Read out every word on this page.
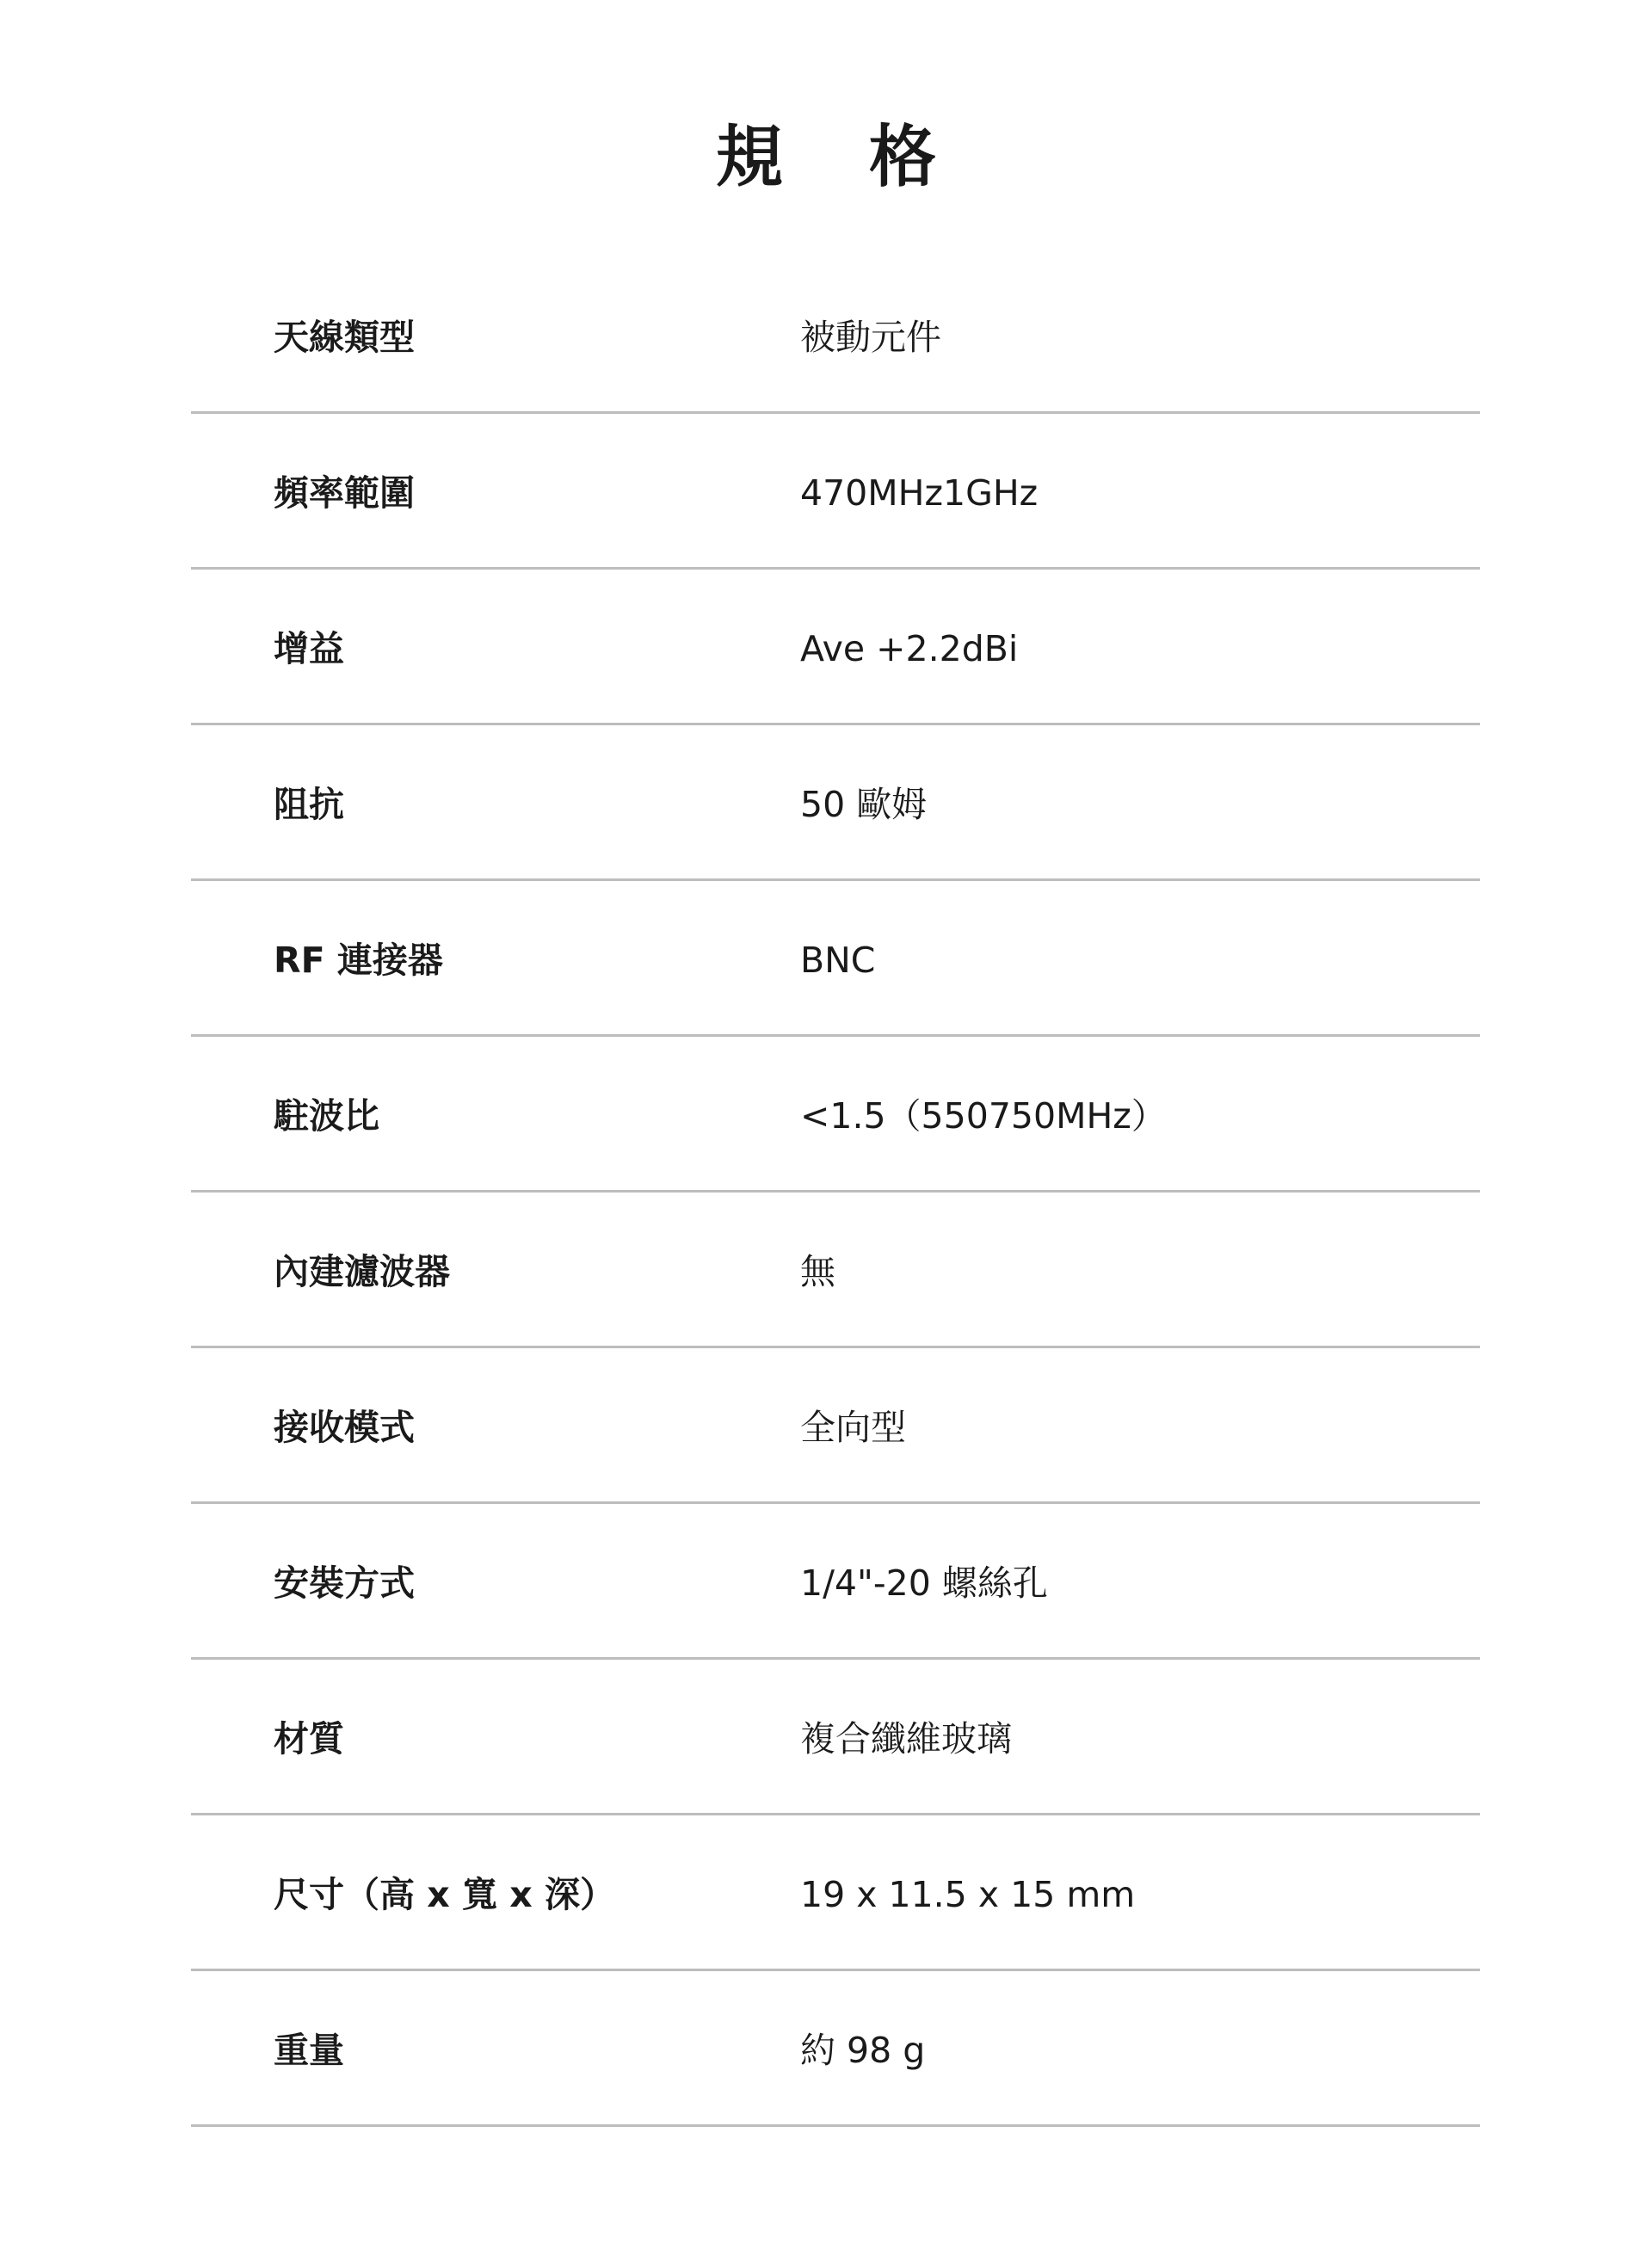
規格
天線類型	被動元件
頻率範圍	470MHz1GHz
增益	Ave +2.2dBi
阻抗	50 歐姆
RF 連接器	BNC
駐波比	<1.5（550750MHz）
內建濾波器	無
接收模式	全向型
安裝方式	1/4"-20 螺絲孔
材質	複合纖維玻璃
尺寸（高 x 寬 x 深）	19 x 11.5 x 15 mm
重量	約 98 g
